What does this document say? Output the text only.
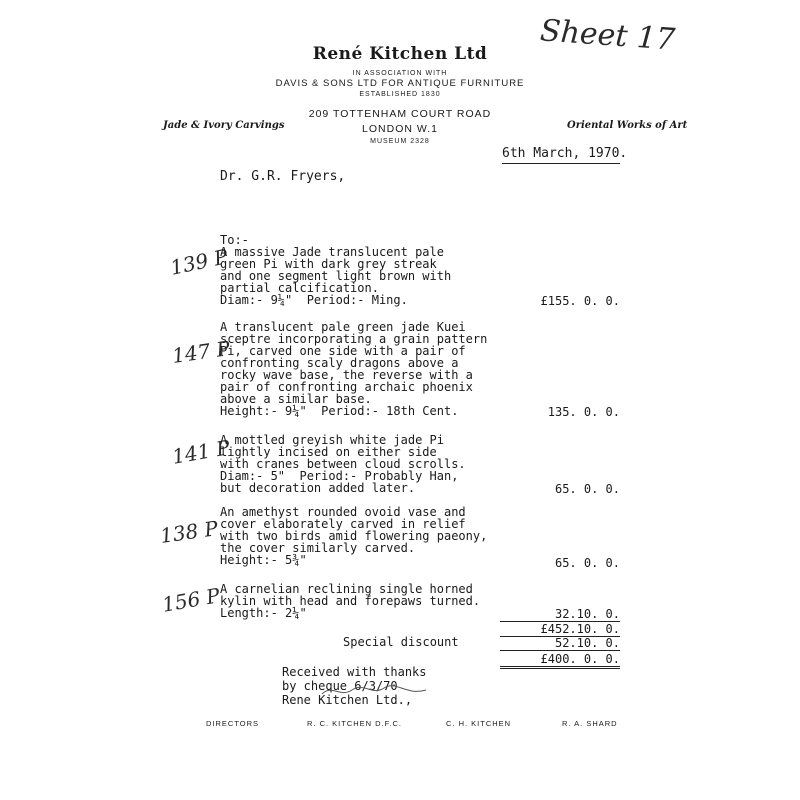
Sheet 17
René Kitchen Ltd
IN ASSOCIATION WITH
DAVIS & SONS LTD FOR ANTIQUE FURNITURE
ESTABLISHED 1830
209 TOTTENHAM COURT ROAD
LONDON W.1
MUSEUM 2328
Jade & Ivory Carvings	Oriental Works of Art
6th March, 1970.
Dr. G.R. Fryers,
To:-
139 P
A massive Jade translucent pale
green Pi with dark grey streak
and one segment light brown with
partial calcification.
Diam:- 9¼"  Period:- Ming.	£155. 0. 0.
147 P
A translucent pale green jade Kuei
sceptre incorporating a grain pattern
Pi, carved one side with a pair of
confronting scaly dragons above a
rocky wave base, the reverse with a
pair of confronting archaic phoenix
above a similar base.
Height:- 9¼"  Period:- 18th Cent.	135. 0. 0.
141 P
A mottled greyish white jade Pi
lightly incised on either side
with cranes between cloud scrolls.
Diam:- 5"  Period:- Probably Han,
but decoration added later.	65. 0. 0.
138 P
An amethyst rounded ovoid vase and
cover elaborately carved in relief
with two birds amid flowering paeony,
the cover similarly carved.
Height:- 5¾"	65. 0. 0.
156 P
A carnelian reclining single horned
kylin with head and forepaws turned.
Length:- 2¼"	32.10. 0.
£452.10. 0.
Special discount	52.10. 0.
£400. 0. 0.
Received with thanks
by cheque 6/3/70
Rene Kitchen Ltd.,
DIRECTORS	R. C. KITCHEN D.F.C.	C. H. KITCHEN	R. A. SHARD
